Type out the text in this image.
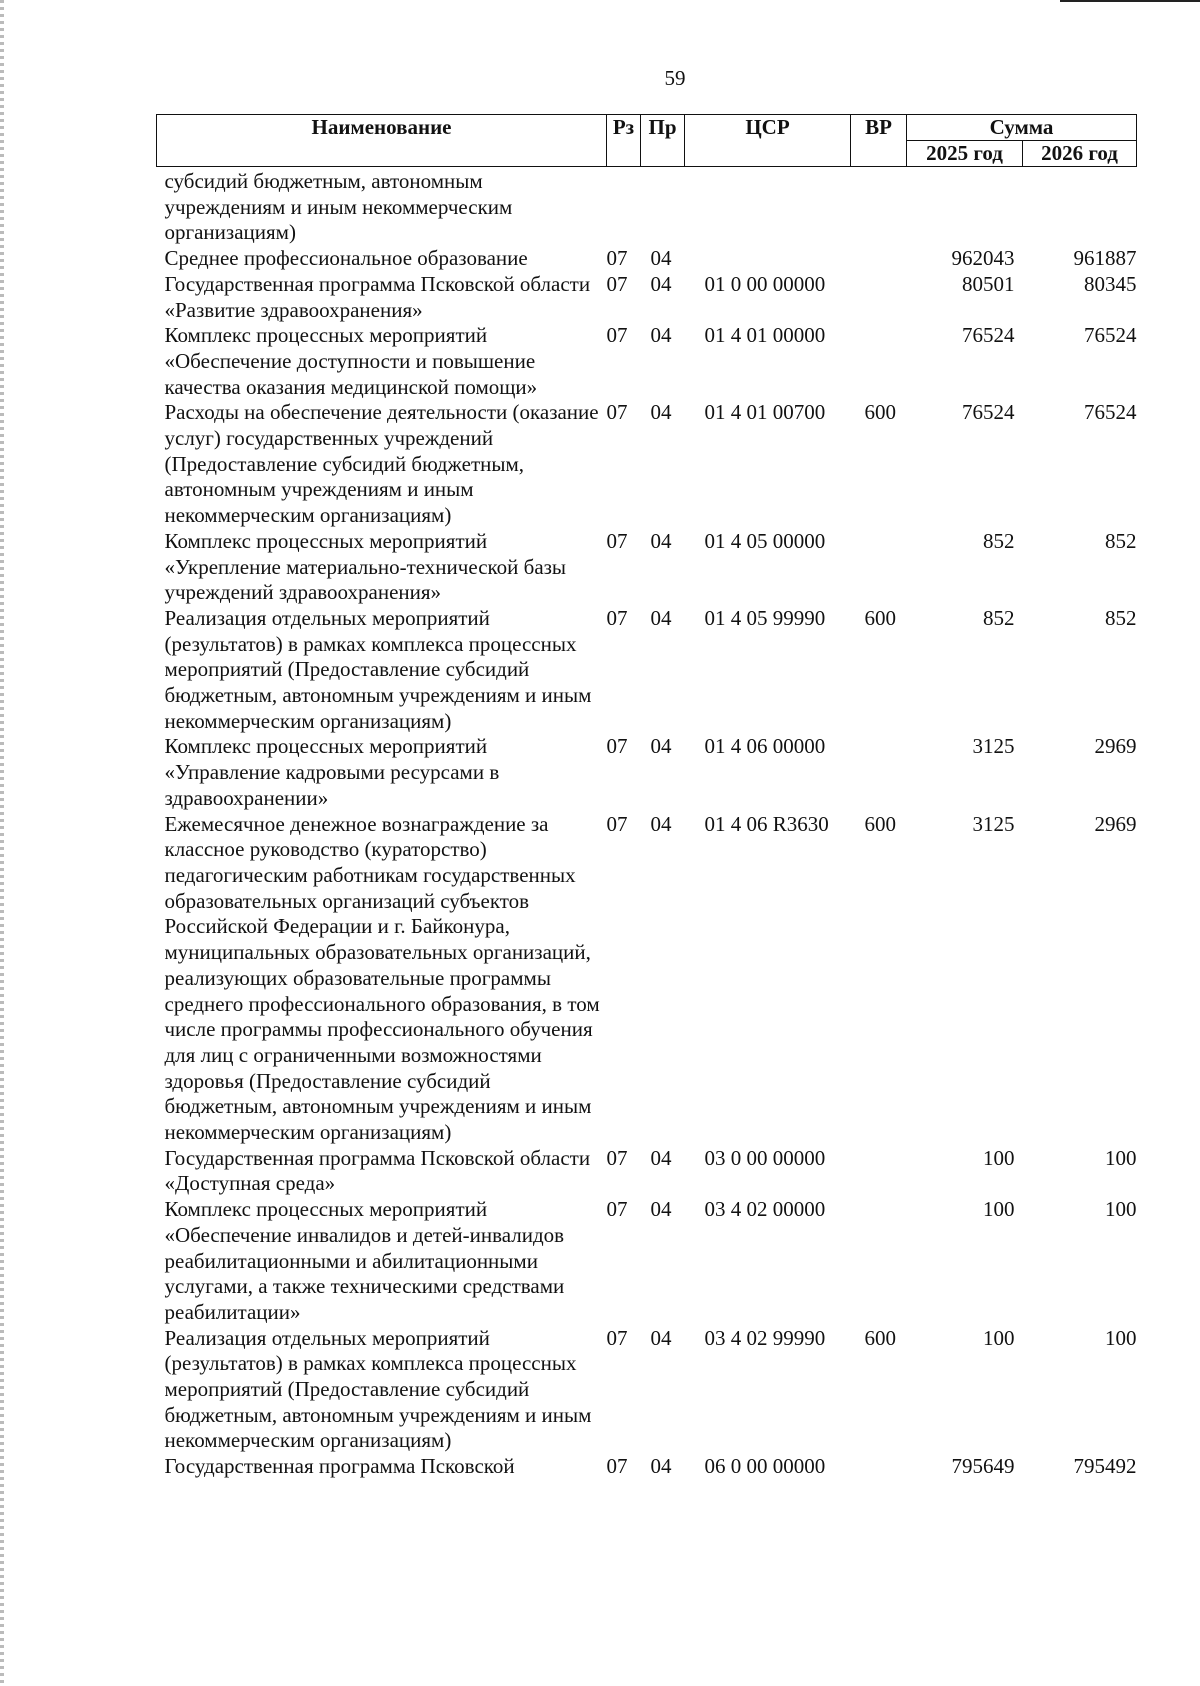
59
Наименование	Рз	Пр	ЦСР	ВР	Сумма	
					2025 год	2026 год
субсидий бюджетным, автономным учреждениям и иным некоммерческим организациям)						
Среднее профессиональное образование	07	04			962043	961887
Государственная программа Псковской области «Развитие здравоохранения»	07	04	01 0 00 00000		80501	80345
Комплекс процессных мероприятий «Обеспечение доступности и повышение качества оказания медицинской помощи»	07	04	01 4 01 00000		76524	76524
Расходы на обеспечение деятельности (оказание услуг) государственных учреждений (Предоставление субсидий бюджетным, автономным учреждениям и иным некоммерческим организациям)	07	04	01 4 01 00700	600	76524	76524
Комплекс процессных мероприятий «Укрепление материально-технической базы учреждений здравоохранения»	07	04	01 4 05 00000		852	852
Реализация отдельных мероприятий (результатов) в рамках комплекса процессных мероприятий (Предоставление субсидий бюджетным, автономным учреждениям и иным некоммерческим организациям)	07	04	01 4 05 99990	600	852	852
Комплекс процессных мероприятий «Управление кадровыми ресурсами в здравоохранении»	07	04	01 4 06 00000		3125	2969
Ежемесячное денежное вознаграждение за классное руководство (кураторство) педагогическим работникам государственных образовательных организаций субъектов Российской Федерации и г. Байконура, муниципальных образовательных организаций, реализующих образовательные программы среднего профессионального образования, в том числе программы профессионального обучения для лиц с ограниченными возможностями здоровья (Предоставление субсидий бюджетным, автономным учреждениям и иным некоммерческим организациям)	07	04	01 4 06 R3630	600	3125	2969
Государственная программа Псковской области «Доступная среда»	07	04	03 0 00 00000		100	100
Комплекс процессных мероприятий «Обеспечение инвалидов и детей-инвалидов реабилитационными и абилитационными услугами, а также техническими средствами реабилитации»	07	04	03 4 02 00000		100	100
Реализация отдельных мероприятий (результатов) в рамках комплекса процессных мероприятий (Предоставление субсидий бюджетным, автономным учреждениям и иным некоммерческим организациям)	07	04	03 4 02 99990	600	100	100
Государственная программа Псковской	07	04	06 0 00 00000		795649	795492
